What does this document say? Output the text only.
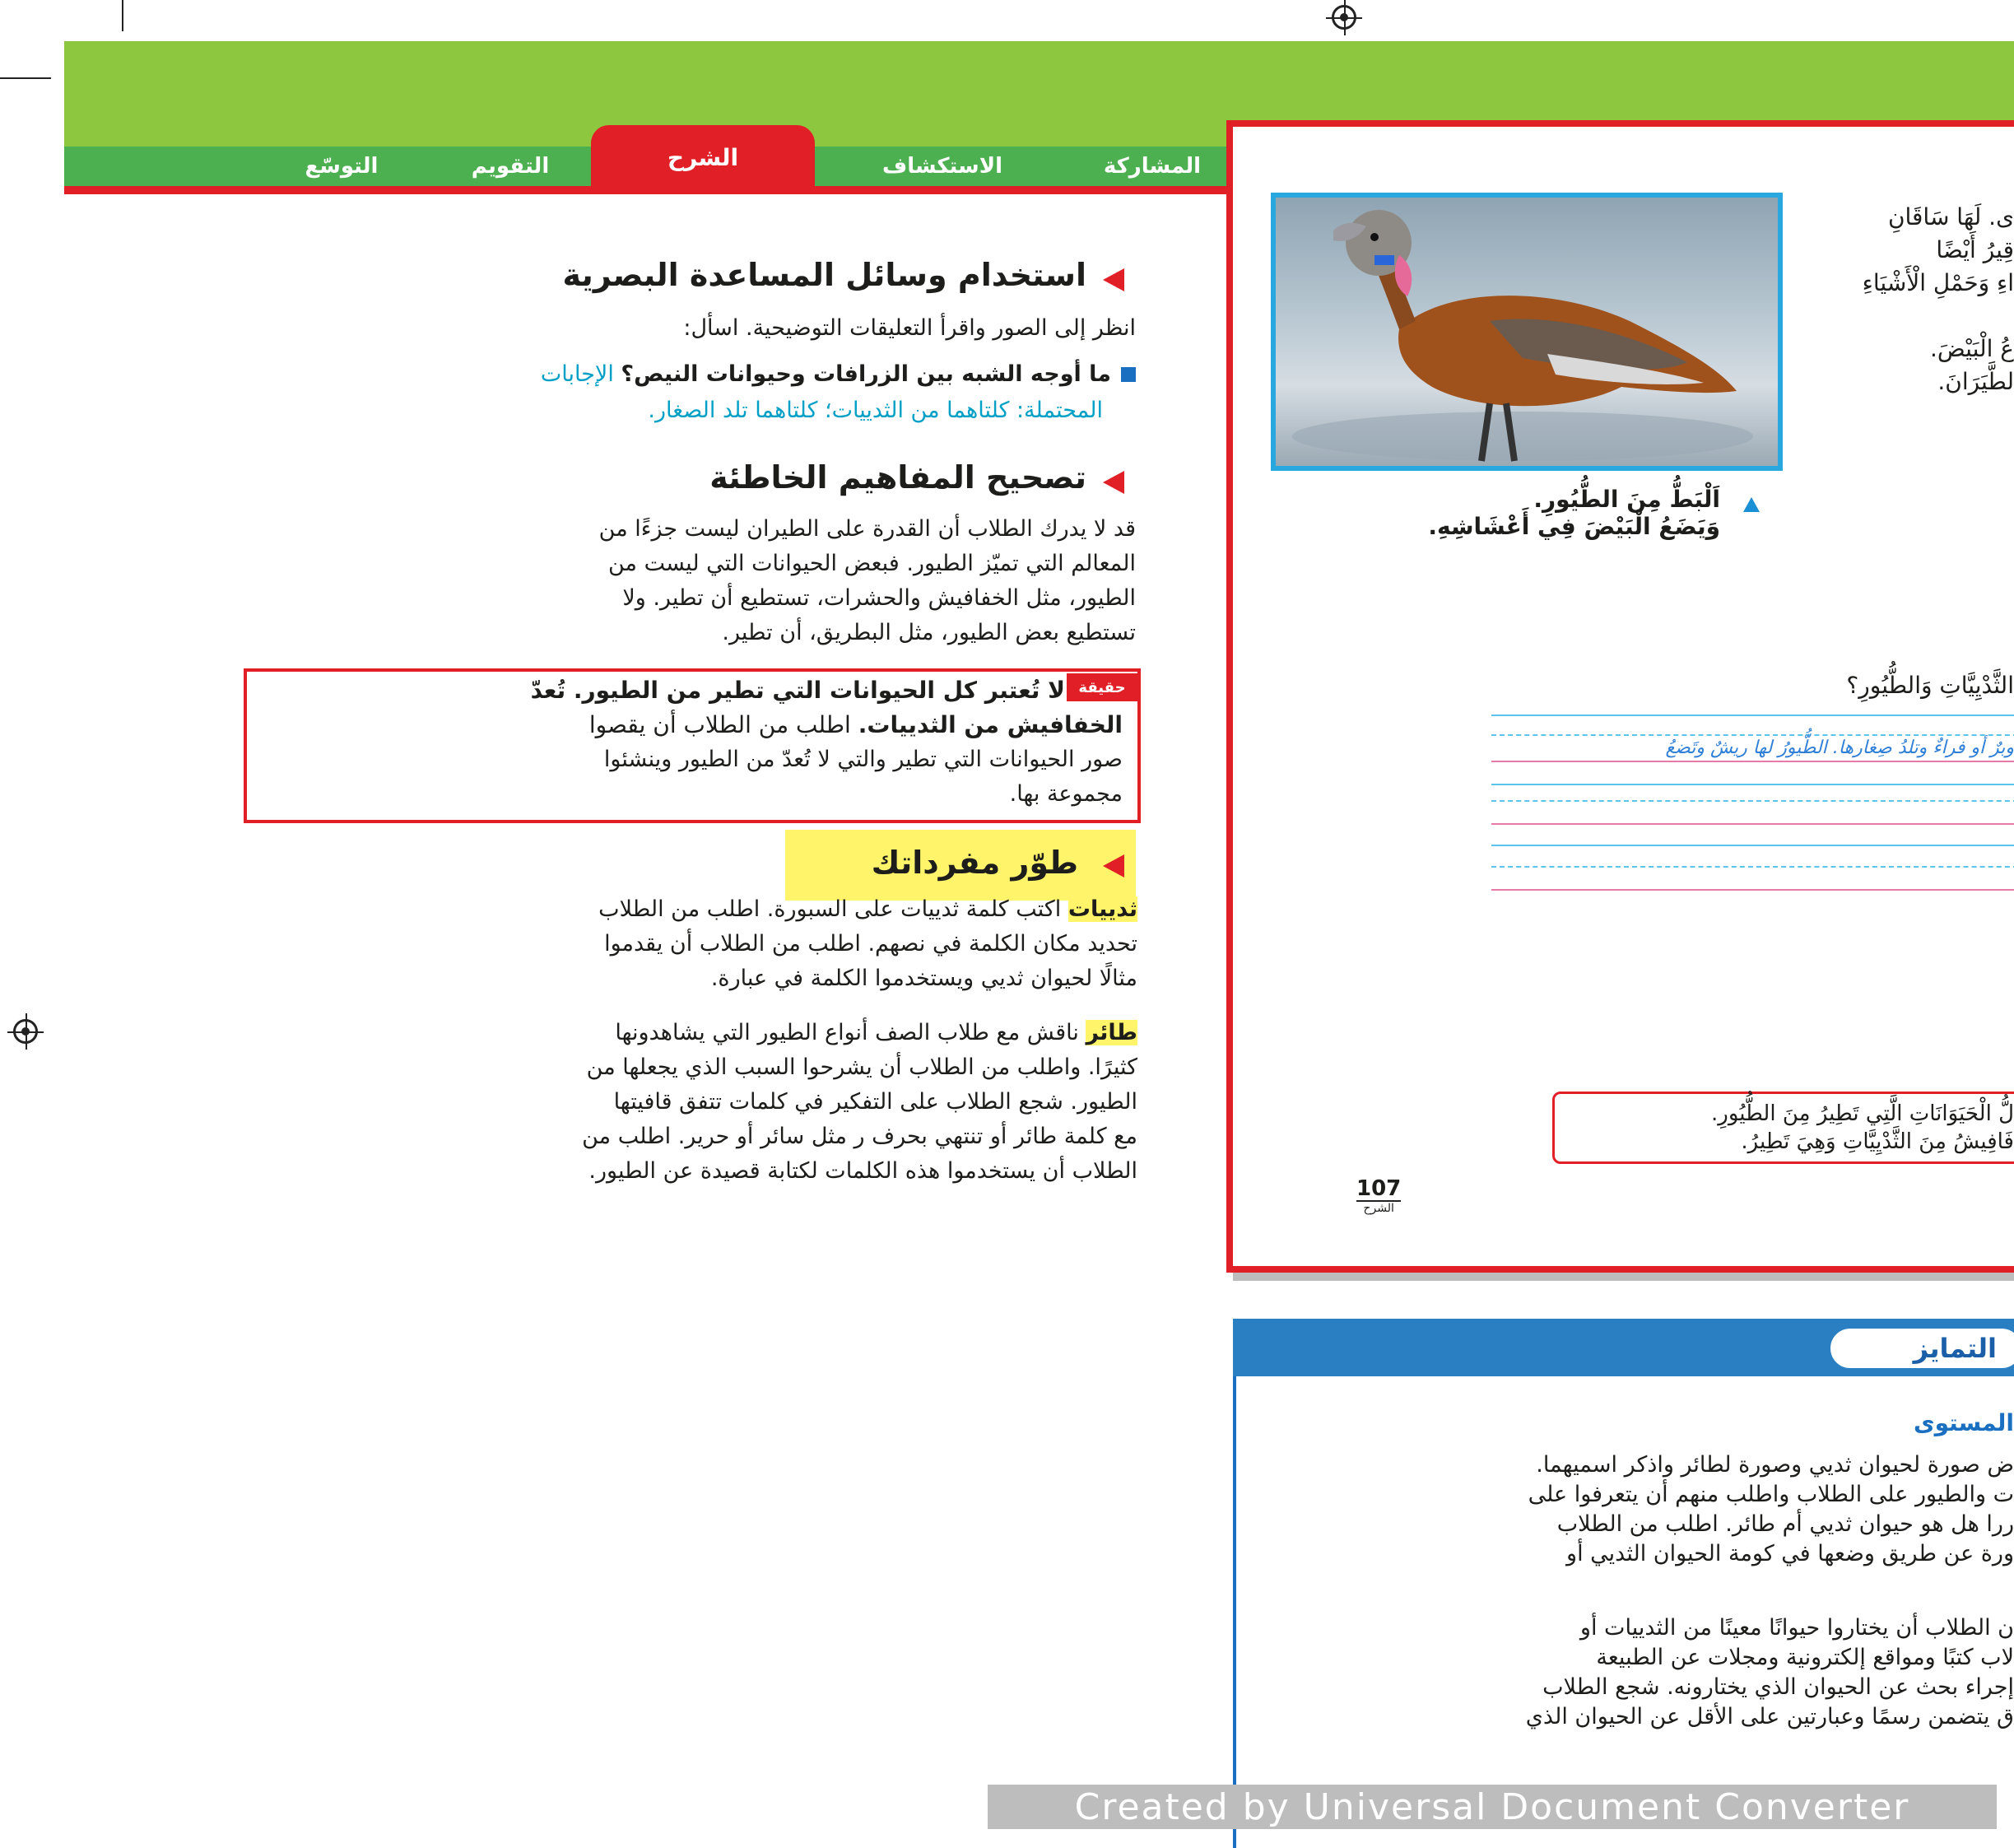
المشاركة
الاستكشاف
التقويم
التوسّع	الشرح
استخدام وسائل المساعدة البصرية
انظر إلى الصور واقرأ التعليقات التوضيحية. اسأل:
ما أوجه الشبه بين الزرافات وحيوانات النيص؟ الإجابات
المحتملة: كلتاهما من الثدييات؛ كلتاهما تلد الصغار.
تصحيح المفاهيم الخاطئة
قد لا يدرك الطلاب أن القدرة على الطيران ليست جزءًا من
المعالم التي تميّز الطيور. فبعض الحيوانات التي ليست من
الطيور، مثل الخفافيش والحشرات، تستطيع أن تطير. ولا
تستطيع بعض الطيور، مثل البطريق، أن تطير.
حقيقة
لا تُعتبر كل الحيوانات التي تطير من الطيور. تُعدّ
الخفافيش من الثدييات. اطلب من الطلاب أن يقصوا
صور الحيوانات التي تطير والتي لا تُعدّ من الطيور وينشئوا
مجموعة بها.
طوّر مفرداتك
ثدييات اكتب كلمة ثدييات على السبورة. اطلب من الطلاب
تحديد مكان الكلمة في نصهم. اطلب من الطلاب أن يقدموا
مثالًا لحيوان ثديي ويستخدموا الكلمة في عبارة.
طائر ناقش مع طلاب الصف أنواع الطيور التي يشاهدونها
كثيرًا. واطلب من الطلاب أن يشرحوا السبب الذي يجعلها من
الطيور. شجع الطلاب على التفكير في كلمات تتفق قافيتها
مع كلمة طائر أو تنتهي بحرف ر مثل سائر أو حرير. اطلب من
الطلاب أن يستخدموا هذه الكلمات لكتابة قصيدة عن الطيور.
ى. لَهَا سَاقَانِ
قِيرُ أَيْضًا
اءِ وَحَمْلِ الْأَشْيَاءِ
عُ الْبَيْضَ.
لطَّيَرَانَ.
اَلْبَطُّ مِنَ الطُّيُورِ.
وَيَضَعُ الْبَيْضَ فِي أَعْشَاشِهِ.
الثَّدْيِيَّاتِ وَالطُّيُورِ؟
وبرٌ أو فراءٌ وتلدُ صِغارها. الطُّيورُ لها ريشٌ وتَضعُ
لُّ الْحَيَوَانَاتِ الَّتِي تَطِيرُ مِنَ الطُّيُورِ.
فَافِيشُ مِنَ الثَّدْيِيَّاتِ وَهِيَ تَطِيرُ.
107
الشرح
التمايز
المستوى
ض صورة لحيوان ثديي وصورة لطائر واذكر اسميهما.
ت والطيور على الطلاب واطلب منهم أن يتعرفوا على
ررا هل هو حيوان ثديي أم طائر. اطلب من الطلاب
ورة عن طريق وضعها في كومة الحيوان الثديي أو
ن الطلاب أن يختاروا حيوانًا معينًا من الثدييات أو
لاب كتبًا ومواقع إلكترونية ومجلات عن الطبيعة
إجراء بحث عن الحيوان الذي يختارونه. شجع الطلاب
ق يتضمن رسمًا وعبارتين على الأقل عن الحيوان الذي
Created by Universal Document Converter
